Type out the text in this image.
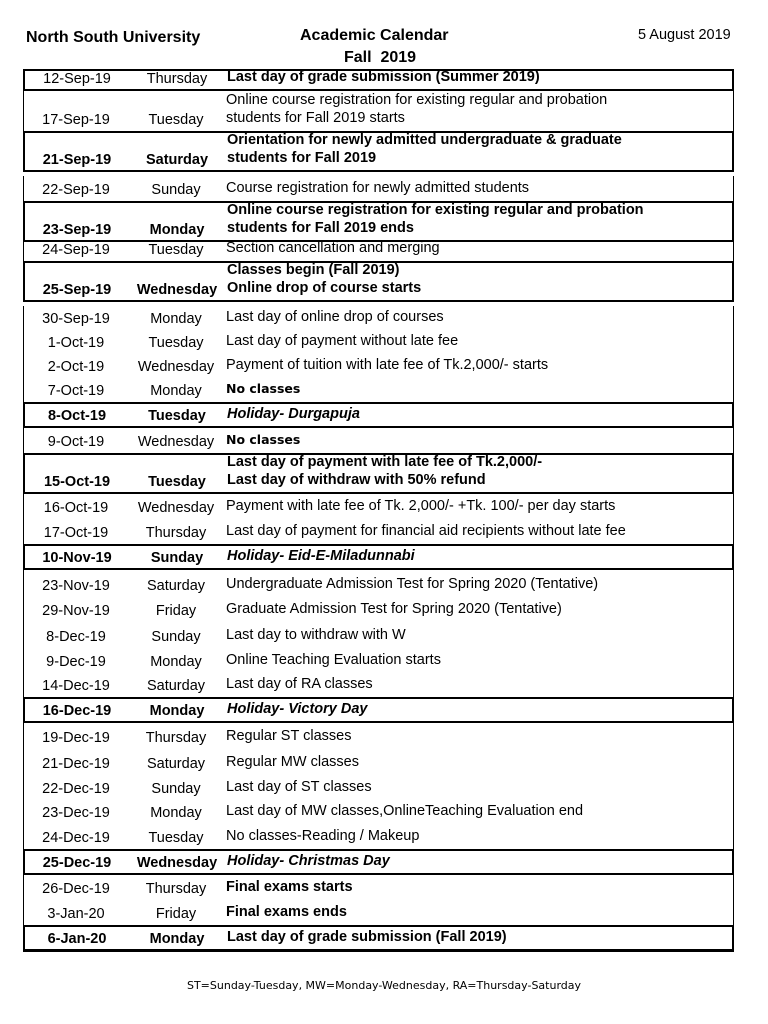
North South University	Academic Calendar
Fall  2019
5 August 2019
12-Sep-19	Thursday	Last day of grade submission (Summer 2019)
17-Sep-19	Tuesday
Online course registration for existing regular and probation
students for Fall 2019 starts
21-Sep-19	Saturday
Orientation for newly admitted undergraduate & graduate
students for Fall 2019
22-Sep-19	Sunday	Course registration for newly admitted students
23-Sep-19	Monday
Online course registration for existing regular and probation
students for Fall 2019 ends
24-Sep-19	Tuesday	Section cancellation and merging
25-Sep-19	Wednesday
Classes begin (Fall 2019)
Online drop of course starts
30-Sep-19	Monday	Last day of online drop of courses
1-Oct-19	Tuesday	Last day of payment without late fee
2-Oct-19	Wednesday Payment of tuition with late fee of Tk.2,000/- starts
7-Oct-19	Monday	No classes
8-Oct-19	Tuesday	Holiday- Durgapuja
9-Oct-19	Wednesday No classes
15-Oct-19	Tuesday
Last day of payment with late fee of Tk.2,000/-
Last day of withdraw with 50% refund
16-Oct-19	Wednesday Payment with late fee of Tk. 2,000/- +Tk. 100/- per day starts
17-Oct-19	Thursday	Last day of payment for financial aid recipients without late fee
10-Nov-19	Sunday	Holiday- Eid-E-Miladunnabi
23-Nov-19	Saturday	Undergraduate Admission Test for Spring 2020 (Tentative)
29-Nov-19	Friday	Graduate Admission Test for Spring 2020 (Tentative)
8-Dec-19	Sunday	Last day to withdraw with W
9-Dec-19	Monday	Online Teaching Evaluation starts
14-Dec-19	Saturday	Last day of RA classes
16-Dec-19	Monday	Holiday- Victory Day
19-Dec-19	Thursday	Regular ST classes
21-Dec-19	Saturday	Regular MW classes
22-Dec-19	Sunday	Last day of ST classes
23-Dec-19	Monday	Last day of MW classes,OnlineTeaching Evaluation end
24-Dec-19	Tuesday	No classes-Reading / Makeup
25-Dec-19	Wednesday Holiday- Christmas Day
26-Dec-19	Thursday	Final exams starts
3-Jan-20	Friday	Final exams ends
6-Jan-20	Monday	Last day of grade submission (Fall 2019)
ST=Sunday-Tuesday, MW=Monday-Wednesday, RA=Thursday-Saturday
